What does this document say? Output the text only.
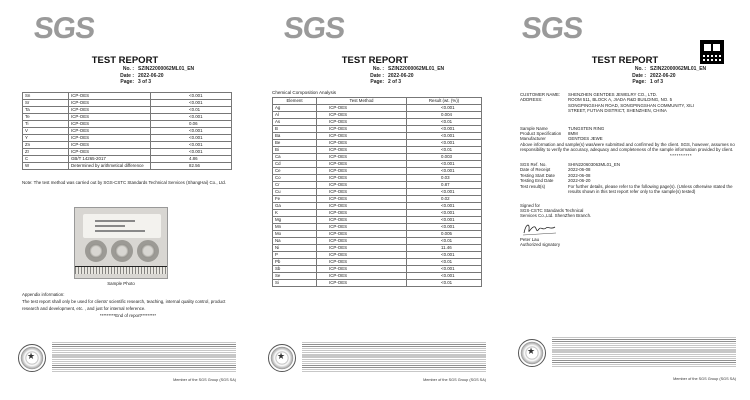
SGS
TEST REPORT
No. : SZIN22000062ML01_EN
Date : 2022-06-20
Page: 3 of 3
Sn	ICP-OES	<0.001
Sr	ICP-OES	<0.001
Ta	ICP-OES	<0.01
Te	ICP-OES	<0.001
Ti	ICP-OES	0.06
V	ICP-OES	<0.001
Y	ICP-OES	<0.001
Zn	ICP-OES	<0.001
Zr	ICP-OES	<0.001
C	GB/T 14265-2017	4.86
W	Determined by arithmetical difference	82.56
Note: The test method was carried out by SGS-CSTC Standards Technical Services (ShangHai) Co., Ltd.
Sample Photo
Appendix information:
The test report shall only be used for clients' scientific research, teaching, internal quality control, product research and development, etc. , and just for internal reference.
*********End of report*********
★
Member of the SGS Group (SGS SA)
SGS
TEST REPORT
No. : SZIN22000062ML01_EN
Date : 2022-06-20
Page: 2 of 3
Chemical Composition Analysis
Element	Test Method	Result (wt. (%))
Ag	ICP-OES	<0.001
Al	ICP-OES	0.004
As	ICP-OES	<0.01
B	ICP-OES	<0.001
Ba	ICP-OES	<0.001
Be	ICP-OES	<0.001
Bi	ICP-OES	<0.01
Ca	ICP-OES	0.003
Cd	ICP-OES	<0.001
Ce	ICP-OES	<0.001
Co	ICP-OES	0.03
Cr	ICP-OES	0.87
Cu	ICP-OES	<0.001
Fe	ICP-OES	0.02
Ga	ICP-OES	<0.001
K	ICP-OES	<0.001
Mg	ICP-OES	<0.001
Mn	ICP-OES	<0.001
Mo	ICP-OES	0.005
Na	ICP-OES	<0.01
Ni	ICP-OES	11.46
P	ICP-OES	<0.001
Pb	ICP-OES	<0.01
Sb	ICP-OES	<0.001
Se	ICP-OES	<0.001
Si	ICP-OES	<0.01
★
Member of the SGS Group (SGS SA)
SGS
TEST REPORT
No. : SZIN22000062ML01_EN
Date : 2022-06-20
Page: 1 of 3
CUSTOMER NAME:	SHENZHEN GENTDES JEWELRY CO., LTD.
ADDRESS:	ROOM 511, BLOCK A, JIADA R&D BUILDING, NO. 5
SONGPINGSHAN ROAD, SONGPINGSHAN COMMUNITY, XILI
STREET, FUTIAN DISTRICT, SHENZHEN, CHINA
Sample Name	TUNGSTEN RING
Product Specification	8MM
Manufacturer	GENTDES JEWE
Above information and sample(s) was/were submitted and confirmed by the client. SGS, however, assumes no responsibility to verify the accuracy, adequacy and completeness of the sample information provided by client.
**********
SGS Ref. No.	SHIN220603063ML01_EN
Date of Receipt	2022-06-08
Testing Start Date	2022-06-08
Testing End Date	2022-06-20
Test result(s)	For further details, please refer to the following page(s). (Unless otherwise stated the results shown in this test report refer only to the sample(s) tested)
Signed for
SGS-CSTC Standards Technical
Services Co.,Ltd. ShenZhen Branch.
Peter Lau
Authorized signatory
★
Member of the SGS Group (SGS SA)
